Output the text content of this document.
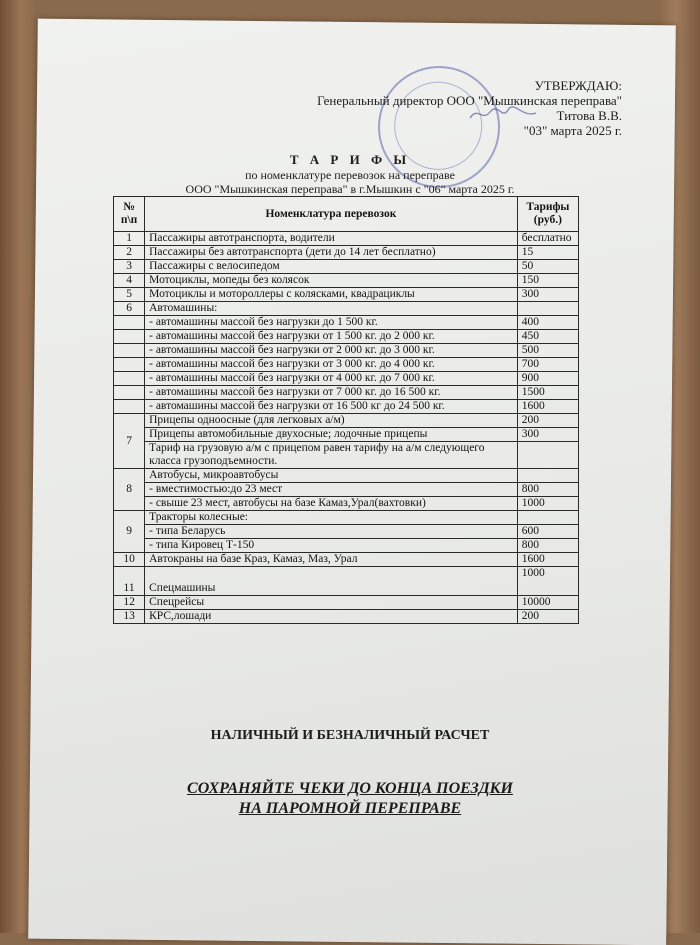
УТВЕРЖДАЮ:
Генеральный директор ООО "Мышкинская переправа"
Титова В.В.
"03" марта 2025 г.
Т А Р И Ф Ы
по номенклатуре перевозок на переправе
ООО "Мышкинская переправа" в г.Мышкин с "06" марта 2025 г.
№ п\п	Номенклатура перевозок	Тарифы (руб.)
1	Пассажиры автотранспорта, водители	бесплатно
2	Пассажиры без автотранспорта (дети до 14 лет бесплатно)	15
3	Пассажиры с велосипедом	50
4	Мотоциклы, мопеды без колясок	150
5	Мотоциклы и мотороллеры с колясками, квадрациклы	300
6	Автомашины:	
	- автомашины массой без нагрузки до 1 500 кг.	400
	- автомашины массой без нагрузки от 1 500 кг. до 2 000 кг.	450
	- автомашины массой без нагрузки от 2 000 кг. до 3 000 кг.	500
	- автомашины массой без нагрузки от 3 000 кг. до 4 000 кг.	700
	- автомашины массой без нагрузки от 4 000 кг. до 7 000 кг.	900
	- автомашины массой без нагрузки от 7 000 кг. до 16 500 кг.	1500
	- автомашины массой без нагрузки от 16 500 кг до 24 500 кг.	1600
7	Прицепы одноосные (для легковых а/м)	200
	Прицепы автомобильные двухосные; лодочные прицепы	300
	Тариф на грузовую а/м с прицепом равен тарифу на а/м следующего класса грузоподъемности.	
8	Автобусы, микроавтобусы	
	- вместимостью:до 23 мест	800
	- свыше 23 мест, автобусы на базе Камаз,Урал(вахтовки)	1000
9	Тракторы колесные:	
	- типа Беларусь	600
	- типа Кировец Т-150	800
10	Автокраны на базе Краз, Камаз, Маз, Урал	1600
11	Спецмашины	1000
12	Спецрейсы	10000
13	КРС,лошади	200
НАЛИЧНЫЙ И БЕЗНАЛИЧНЫЙ РАСЧЕТ
СОХРАНЯЙТЕ ЧЕКИ ДО КОНЦА ПОЕЗДКИ
НА ПАРОМНОЙ ПЕРЕПРАВЕ
